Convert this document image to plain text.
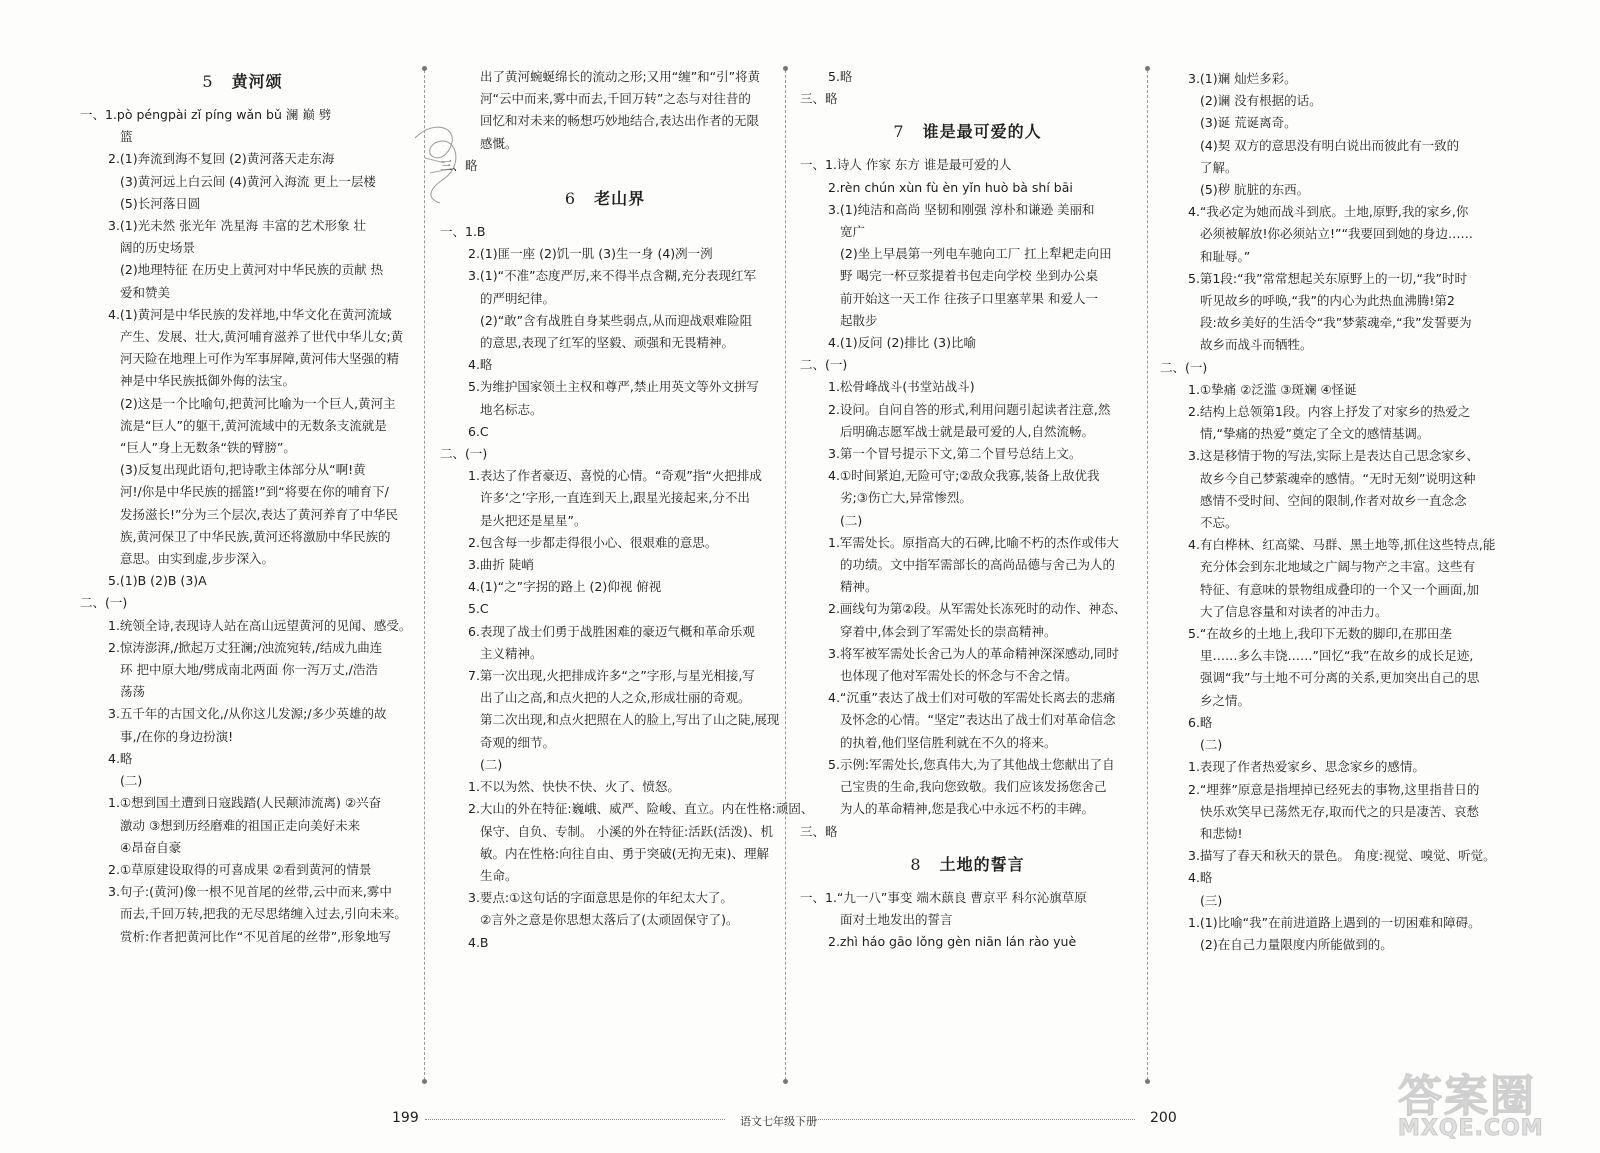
5 黄河颂
一、1.pò péngpài zǐ píng wǎn bǔ 澜 巅 劈
篮
2.(1)奔流到海不复回 (2)黄河落天走东海
(3)黄河远上白云间 (4)黄河入海流 更上一层楼
(5)长河落日圆
3.(1)光未然 张光年 冼星海 丰富的艺术形象 壮
阔的历史场景
(2)地理特征 在历史上黄河对中华民族的贡献 热
爱和赞美
4.(1)黄河是中华民族的发祥地,中华文化在黄河流域
产生、发展、壮大,黄河哺育滋养了世代中华儿女;黄
河天险在地理上可作为军事屏障,黄河伟大坚强的精
神是中华民族抵御外侮的法宝。
(2)这是一个比喻句,把黄河比喻为一个巨人,黄河主
流是“巨人”的躯干,黄河流域中的无数条支流就是
“巨人”身上无数条“铁的臂膀”。
(3)反复出现此语句,把诗歌主体部分从“啊!黄
河!/你是中华民族的摇篮!”到“将要在你的哺育下/
发扬滋长!”分为三个层次,表达了黄河养育了中华民
族,黄河保卫了中华民族,黄河还将激励中华民族的
意思。由实到虚,步步深入。
5.(1)B (2)B (3)A
二、(一)
1.统领全诗,表现诗人站在高山远望黄河的见闻、感受。
2.惊涛澎湃,/掀起万丈狂澜;/浊流宛转,/结成九曲连
环 把中原大地/劈成南北两面 你一泻万丈,/浩浩
荡荡
3.五千年的古国文化,/从你这儿发源;/多少英雄的故
事,/在你的身边扮演!
4.略
(二)
1.①想到国土遭到日寇践踏(人民颠沛流离) ②兴奋
激动 ③想到历经磨难的祖国正走向美好未来
④昂奋自豪
2.①草原建设取得的可喜成果 ②看到黄河的情景
3.句子:(黄河)像一根不见首尾的丝带,云中而来,雾中
而去,千回万转,把我的无尽思绪缠入过去,引向未来。
赏析:作者把黄河比作“不见首尾的丝带”,形象地写
出了黄河蜿蜒绵长的流动之形;又用“缠”和“引”将黄
河“云中而来,雾中而去,千回万转”之态与对往昔的
回忆和对未来的畅想巧妙地结合,表达出作者的无限
感慨。
三、略
6 老山界
一、1.B
2.(1)匪一座 (2)饥一肌 (3)生一身 (4)冽一洌
3.(1)“不准”态度严厉,来不得半点含糊,充分表现红军
的严明纪律。
(2)“敢”含有战胜自身某些弱点,从而迎战艰难险阻
的意思,表现了红军的坚毅、顽强和无畏精神。
4.略
5.为维护国家领土主权和尊严,禁止用英文等外文拼写
地名标志。
6.C
二、(一)
1.表达了作者豪迈、喜悦的心情。“奇观”指“火把排成
许多‘之’字形,一直连到天上,跟星光接起来,分不出
是火把还是星星”。
2.包含每一步都走得很小心、很艰难的意思。
3.曲折 陡峭
4.(1)“之”字拐的路上 (2)仰视 俯视
5.C
6.表现了战士们勇于战胜困难的豪迈气概和革命乐观
主义精神。
7.第一次出现,火把排成许多“之”字形,与星光相接,写
出了山之高,和点火把的人之众,形成壮丽的奇观。
第二次出现,和点火把照在人的脸上,写出了山之陡,展现
奇观的细节。
(二)
1.不以为然、快快不快、火了、愤怒。
2.大山的外在特征:巍峨、威严、险峻、直立。内在性格:顽固、
保守、自负、专制。 小溪的外在特征:活跃(活泼)、机
敏。内在性格:向往自由、勇于突破(无拘无束)、理解
生命。
3.要点:①这句话的字面意思是你的年纪太大了。
②言外之意是你思想太落后了(太顽固保守了)。
4.B
5.略
三、略
7 谁是最可爱的人
一、1.诗人 作家 东方 谁是最可爱的人
2.rèn chún xùn fù èn yǐn huò bà shí bāi
3.(1)纯洁和高尚 坚韧和刚强 淳朴和谦逊 美丽和
宽广
(2)坐上早晨第一列电车驰向工厂 扛上犁耙走向田
野 喝完一杯豆浆提着书包走向学校 坐到办公桌
前开始这一天工作 往孩子口里塞苹果 和爱人一
起散步
4.(1)反问 (2)排比 (3)比喻
二、(一)
1.松骨峰战斗(书堂站战斗)
2.设问。自问自答的形式,利用问题引起读者注意,然
后明确志愿军战士就是最可爱的人,自然流畅。
3.第一个冒号提示下文,第二个冒号总结上文。
4.①时间紧迫,无险可守;②敌众我寡,装备上敌优我
劣;③伤亡大,异常惨烈。
(二)
1.军需处长。原指高大的石碑,比喻不朽的杰作或伟大
的功绩。文中指军需部长的高尚品德与舍己为人的
精神。
2.画线句为第②段。从军需处长冻死时的动作、神态、
穿着中,体会到了军需处长的崇高精神。
3.将军被军需处长舍己为人的革命精神深深感动,同时
也体现了他对军需处长的怀念与不舍之情。
4.“沉重”表达了战士们对可敬的军需处长离去的悲痛
及怀念的心情。“坚定”表达出了战士们对革命信念
的执着,他们坚信胜利就在不久的将来。
5.示例:军需处长,您真伟大,为了其他战士您献出了自
己宝贵的生命,我向您致敬。我们应该发扬您舍己
为人的革命精神,您是我心中永远不朽的丰碑。
三、略
8 土地的誓言
一、1.“九一八”事变 端木蕻良 曹京平 科尔沁旗草原
面对土地发出的誓言
2.zhì háo gāo lǒng gèn niān lán rào yuè
3.(1)斓 灿烂多彩。
(2)谰 没有根据的话。
(3)诞 荒诞离奇。
(4)契 双方的意思没有明白说出而彼此有一致的
了解。
(5)秽 肮脏的东西。
4.“我必定为她而战斗到底。土地,原野,我的家乡,你
必须被解放!你必须站立!”“我要回到她的身边……
和耻辱。”
5.第1段:“我”常常想起关东原野上的一切,“我”时时
听见故乡的呼唤,“我”的内心为此热血沸腾!第2
段:故乡美好的生活令“我”梦萦魂牵,“我”发誓要为
故乡而战斗而牺牲。
二、(一)
1.①挚痛 ②泛滥 ③斑斓 ④怪诞
2.结构上总领第1段。内容上抒发了对家乡的热爱之
情,“挚痛的热爱”奠定了全文的感情基调。
3.这是移情于物的写法,实际上是表达自己思念家乡、
故乡今自己梦萦魂牵的感情。“无时无刻”说明这种
感情不受时间、空间的限制,作者对故乡一直念念
不忘。
4.有白桦林、红高粱、马群、黑土地等,抓住这些特点,能
充分体会到东北地域之广阔与物产之丰富。这些有
特征、有意味的景物组成叠印的一个又一个画面,加
大了信息容量和对读者的冲击力。
5.“在故乡的土地上,我印下无数的脚印,在那田垄
里……多么丰饶……”回忆“我”在故乡的成长足迹,
强调“我”与土地不可分离的关系,更加突出自己的思
乡之情。
6.略
(二)
1.表现了作者热爱家乡、思念家乡的感情。
2.“埋葬”原意是指埋掉已经死去的事物,这里指昔日的
快乐欢笑早已荡然无存,取而代之的只是凄苦、哀愁
和悲恸!
3.描写了春天和秋天的景色。 角度:视觉、嗅觉、听觉。
4.略
(三)
1.(1)比喻“我”在前进道路上遇到的一切困难和障碍。
(2)在自己力量限度内所能做到的。
199	语文七年级下册	200	答案圈
MXQE.COM
